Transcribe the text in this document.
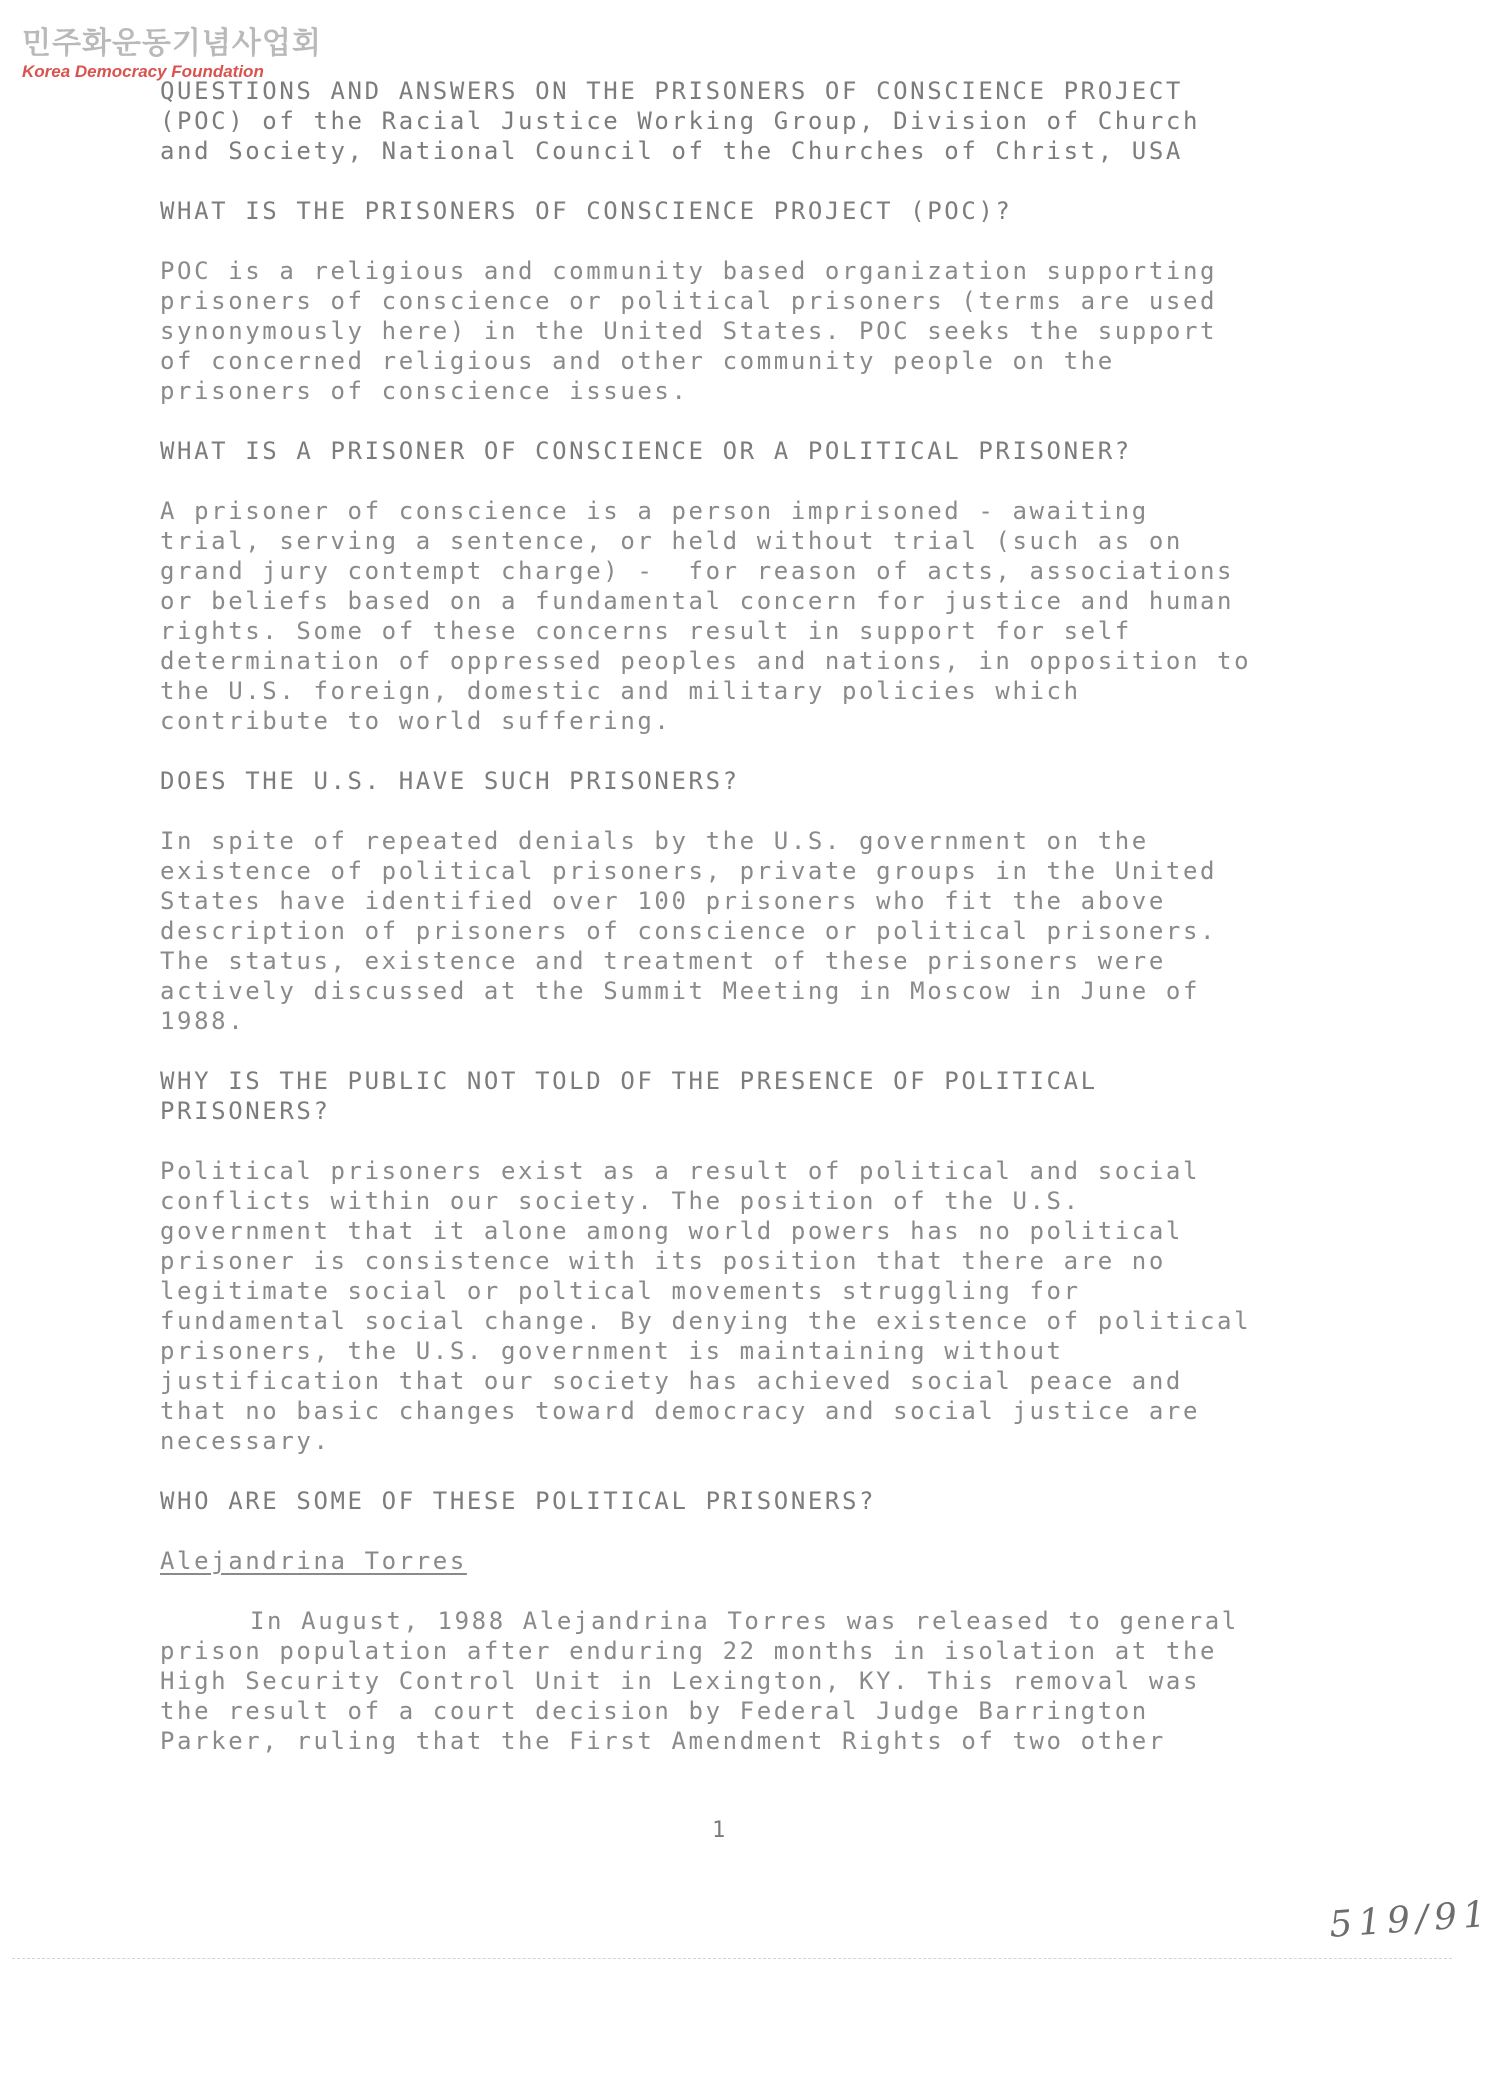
민주화운동기념사업회
Korea Democracy Foundation
QUESTIONS AND ANSWERS ON THE PRISONERS OF CONSCIENCE PROJECT
(POC) of the Racial Justice Working Group, Division of Church
and Society, National Council of the Churches of Christ, USA
WHAT IS THE PRISONERS OF CONSCIENCE PROJECT (POC)?
POC is a religious and community based organization supporting
prisoners of conscience or political prisoners (terms are used
synonymously here) in the United States. POC seeks the support
of concerned religious and other community people on the
prisoners of conscience issues.
WHAT IS A PRISONER OF CONSCIENCE OR A POLITICAL PRISONER?
A prisoner of conscience is a person imprisoned - awaiting
trial, serving a sentence, or held without trial (such as on
grand jury contempt charge) -  for reason of acts, associations
or beliefs based on a fundamental concern for justice and human
rights. Some of these concerns result in support for self
determination of oppressed peoples and nations, in opposition to
the U.S. foreign, domestic and military policies which
contribute to world suffering.
DOES THE U.S. HAVE SUCH PRISONERS?
In spite of repeated denials by the U.S. government on the
existence of political prisoners, private groups in the United
States have identified over 100 prisoners who fit the above
description of prisoners of conscience or political prisoners.
The status, existence and treatment of these prisoners were
actively discussed at the Summit Meeting in Moscow in June of
1988.
WHY IS THE PUBLIC NOT TOLD OF THE PRESENCE OF POLITICAL
PRISONERS?
Political prisoners exist as a result of political and social
conflicts within our society. The position of the U.S.
government that it alone among world powers has no political
prisoner is consistence with its position that there are no
legitimate social or poltical movements struggling for
fundamental social change. By denying the existence of political
prisoners, the U.S. government is maintaining without
justification that our society has achieved social peace and
that no basic changes toward democracy and social justice are
necessary.
WHO ARE SOME OF THESE POLITICAL PRISONERS?
Alejandrina Torres
In August, 1988 Alejandrina Torres was released to general
prison population after enduring 22 months in isolation at the
High Security Control Unit in Lexington, KY. This removal was
the result of a court decision by Federal Judge Barrington
Parker, ruling that the First Amendment Rights of two other
1
519/91
